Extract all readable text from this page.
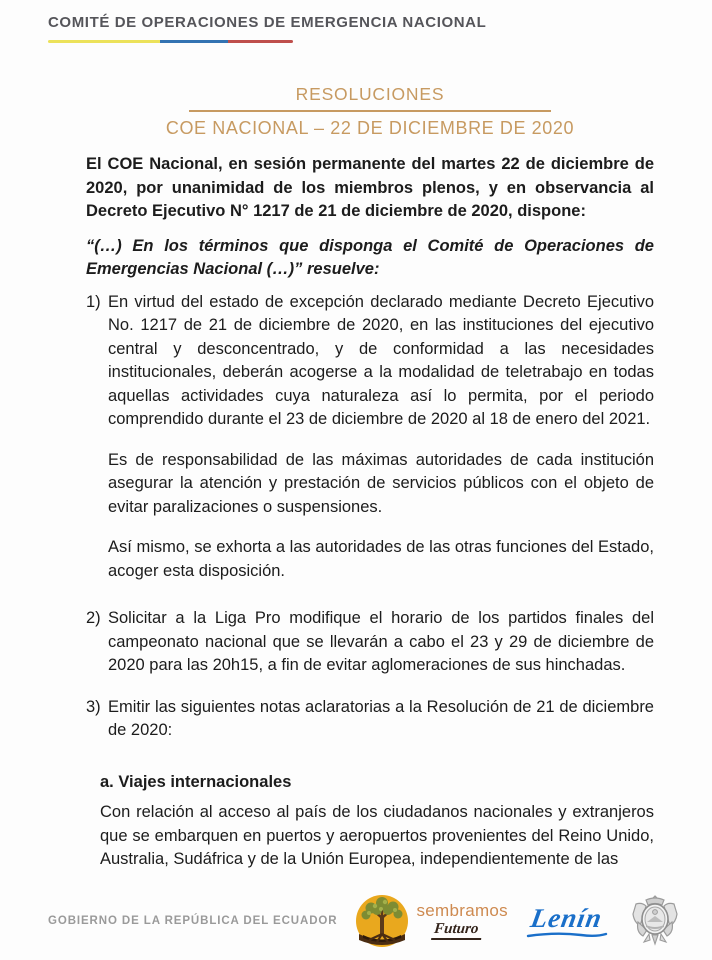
COMITÉ DE OPERACIONES DE EMERGENCIA NACIONAL
RESOLUCIONES
COE NACIONAL – 22 DE DICIEMBRE DE 2020

El COE Nacional, en sesión permanente del martes 22 de diciembre de 2020, por unanimidad de los miembros plenos, y en observancia al Decreto Ejecutivo N° 1217 de 21 de diciembre de 2020, dispone:

“(…) En los términos que disponga el Comité de Operaciones de Emergencias Nacional (…)” resuelve:

1) En virtud del estado de excepción declarado mediante Decreto Ejecutivo No. 1217 de 21 de diciembre de 2020, en las instituciones del ejecutivo central y desconcentrado, y de conformidad a las necesidades institucionales, deberán acogerse a la modalidad de teletrabajo en todas aquellas actividades cuya naturaleza así lo permita, por el periodo comprendido durante el 23 de diciembre de 2020 al 18 de enero del 2021.

Es de responsabilidad de las máximas autoridades de cada institución asegurar la atención y prestación de servicios públicos con el objeto de evitar paralizaciones o suspensiones.

Así mismo, se exhorta a las autoridades de las otras funciones del Estado, acoger esta disposición.

2) Solicitar a la Liga Pro modifique el horario de los partidos finales del campeonato nacional que se llevarán a cabo el 23 y 29 de diciembre de 2020 para las 20h15, a fin de evitar aglomeraciones de sus hinchadas.

3) Emitir las siguientes notas aclaratorias a la Resolución de 21 de diciembre de 2020:

a. Viajes internacionales

Con relación al acceso al país de los ciudadanos nacionales y extranjeros que se embarquen en puertos y aeropuertos provenientes del Reino Unido, Australia, Sudáfrica y de la Unión Europea, independientemente de las

GOBIERNO DE LA REPÚBLICA DEL ECUADOR
sembramos
Futuro Lenín
